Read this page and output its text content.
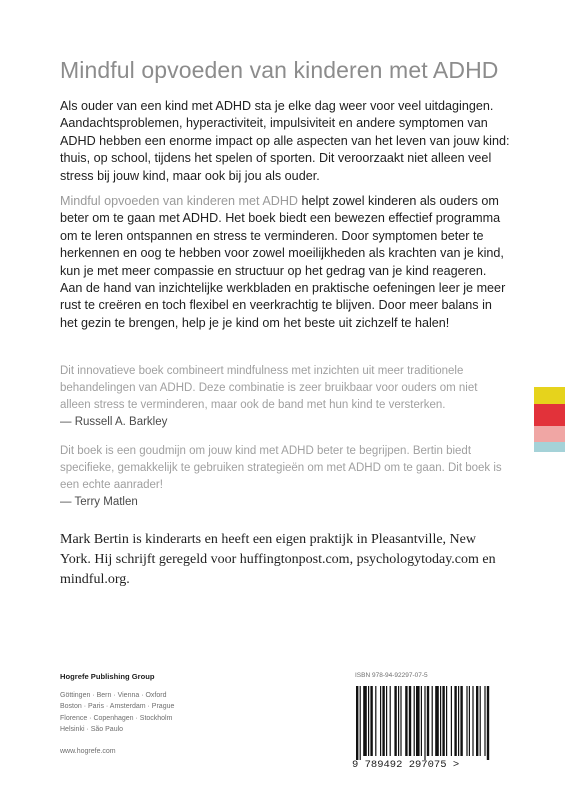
Mindful opvoeden van kinderen met ADHD

Als ouder van een kind met ADHD sta je elke dag weer voor veel uitdagingen. Aandachtsproblemen, hyperactiviteit, impulsiviteit en andere symptomen van ADHD hebben een enorme impact op alle aspecten van het leven van jouw kind: thuis, op school, tijdens het spelen of sporten. Dit veroorzaakt niet alleen veel stress bij jouw kind, maar ook bij jou als ouder.

Mindful opvoeden van kinderen met ADHD helpt zowel kinderen als ouders om beter om te gaan met ADHD. Het boek biedt een bewezen effectief programma om te leren ontspannen en stress te verminderen. Door symptomen beter te herkennen en oog te hebben voor zowel moeilijkheden als krachten van je kind, kun je met meer compassie en structuur op het gedrag van je kind reageren. Aan de hand van inzichtelijke werkbladen en praktische oefeningen leer je meer rust te creëren en toch flexibel en veerkrachtig te blijven. Door meer balans in het gezin te brengen, help je je kind om het beste uit zichzelf te halen!

Dit innovatieve boek combineert mindfulness met inzichten uit meer traditionele behandelingen van ADHD. Deze combinatie is zeer bruikbaar voor ouders om niet alleen stress te verminderen, maar ook de band met hun kind te versterken.
— Russell A. Barkley

Dit boek is een goudmijn om jouw kind met ADHD beter te begrijpen. Bertin biedt specifieke, gemakkelijk te gebruiken strategieën om met ADHD om te gaan. Dit boek is een echte aanrader!
— Terry Matlen

Mark Bertin is kinderarts en heeft een eigen praktijk in Pleasantville, New York. Hij schrijft geregeld voor huffingtonpost.com, psychologytoday.com en mindful.org.

Hogrefe Publishing Group
Göttingen · Bern · Vienna · Oxford
Boston · Paris · Amsterdam · Prague
Florence · Copenhagen · Stockholm
Helsinki · São Paulo
www.hogrefe.com
ISBN 978-94-92297-07-5
9 789492 297075 >
